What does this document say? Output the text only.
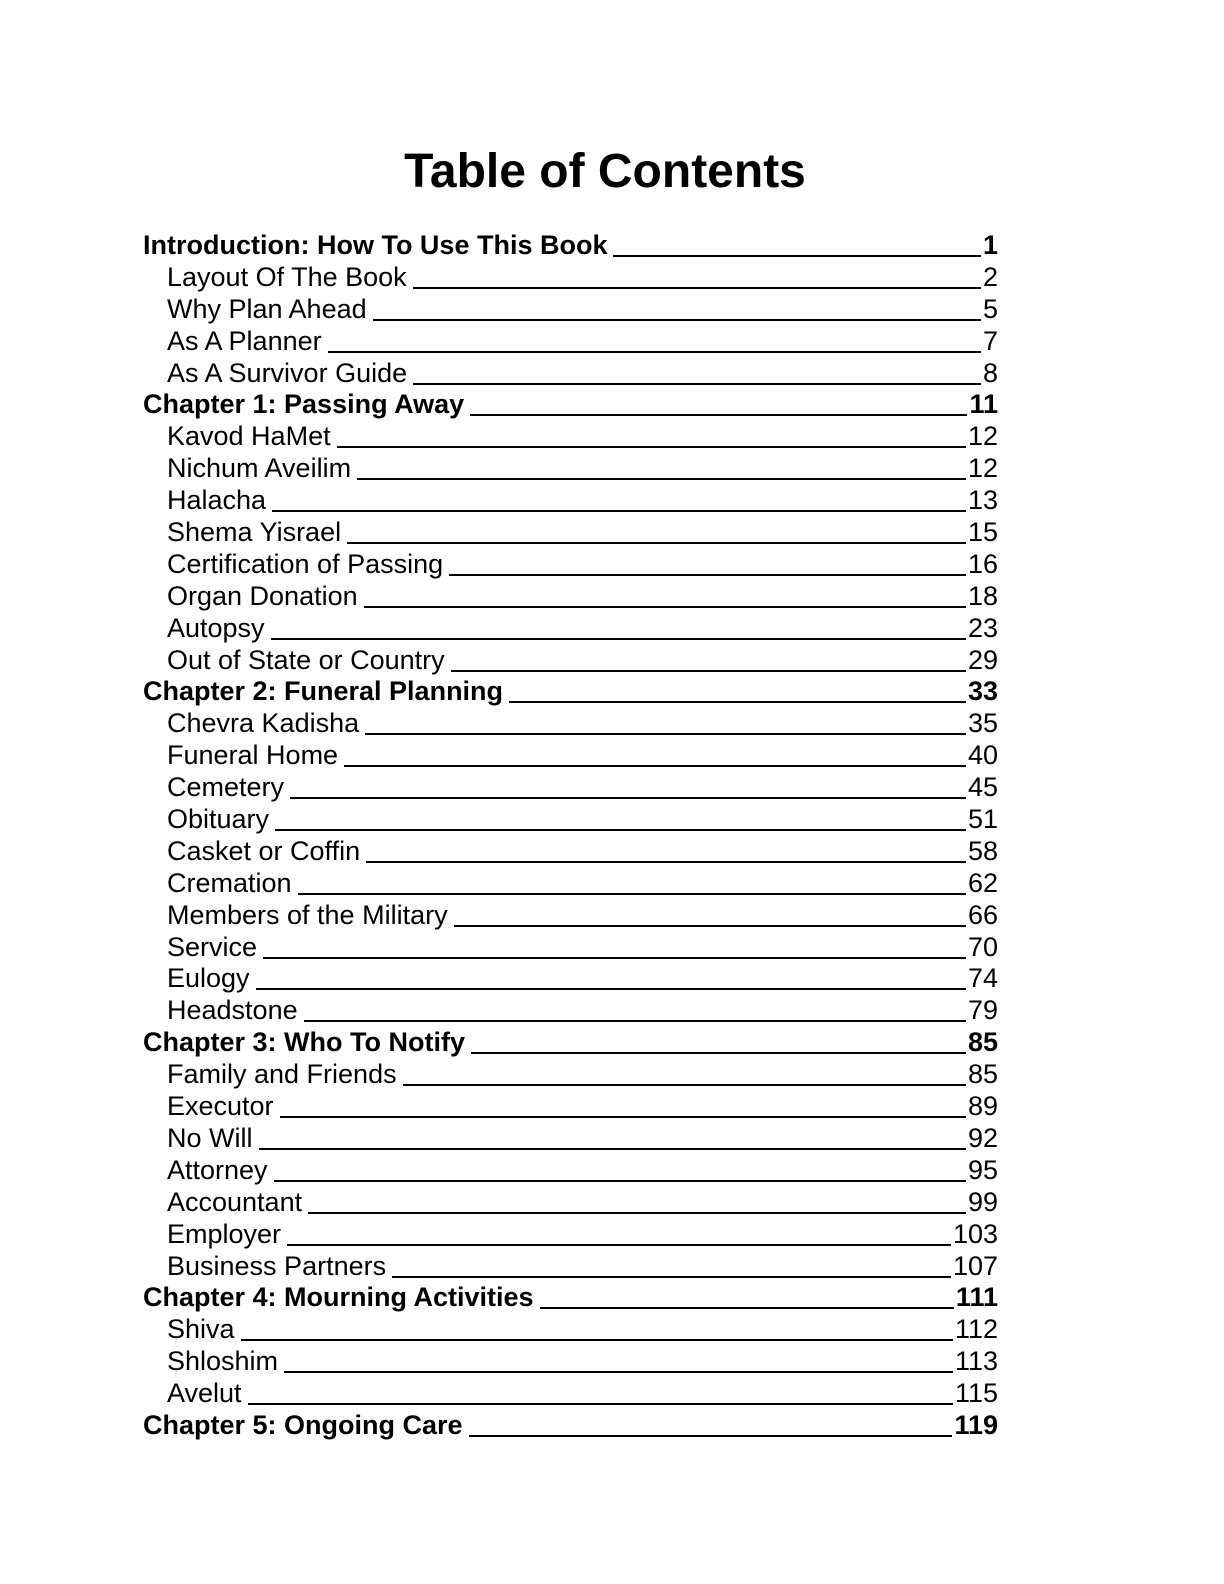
Table of Contents
Introduction: How To Use This Book	1
Layout Of The Book	2
Why Plan Ahead	5
As A Planner	7
As A Survivor Guide	8
Chapter 1: Passing Away	11
Kavod HaMet	12
Nichum Aveilim	12
Halacha	13
Shema Yisrael	15
Certification of Passing	16
Organ Donation	18
Autopsy	23
Out of State or Country	29
Chapter 2: Funeral Planning	33
Chevra Kadisha	35
Funeral Home	40
Cemetery	45
Obituary	51
Casket or Coffin	58
Cremation	62
Members of the Military	66
Service	70
Eulogy	74
Headstone	79
Chapter 3: Who To Notify	85
Family and Friends	85
Executor	89
No Will	92
Attorney	95
Accountant	99
Employer	103
Business Partners	107
Chapter 4: Mourning Activities	111
Shiva	112
Shloshim	113
Avelut	115
Chapter 5: Ongoing Care	119
